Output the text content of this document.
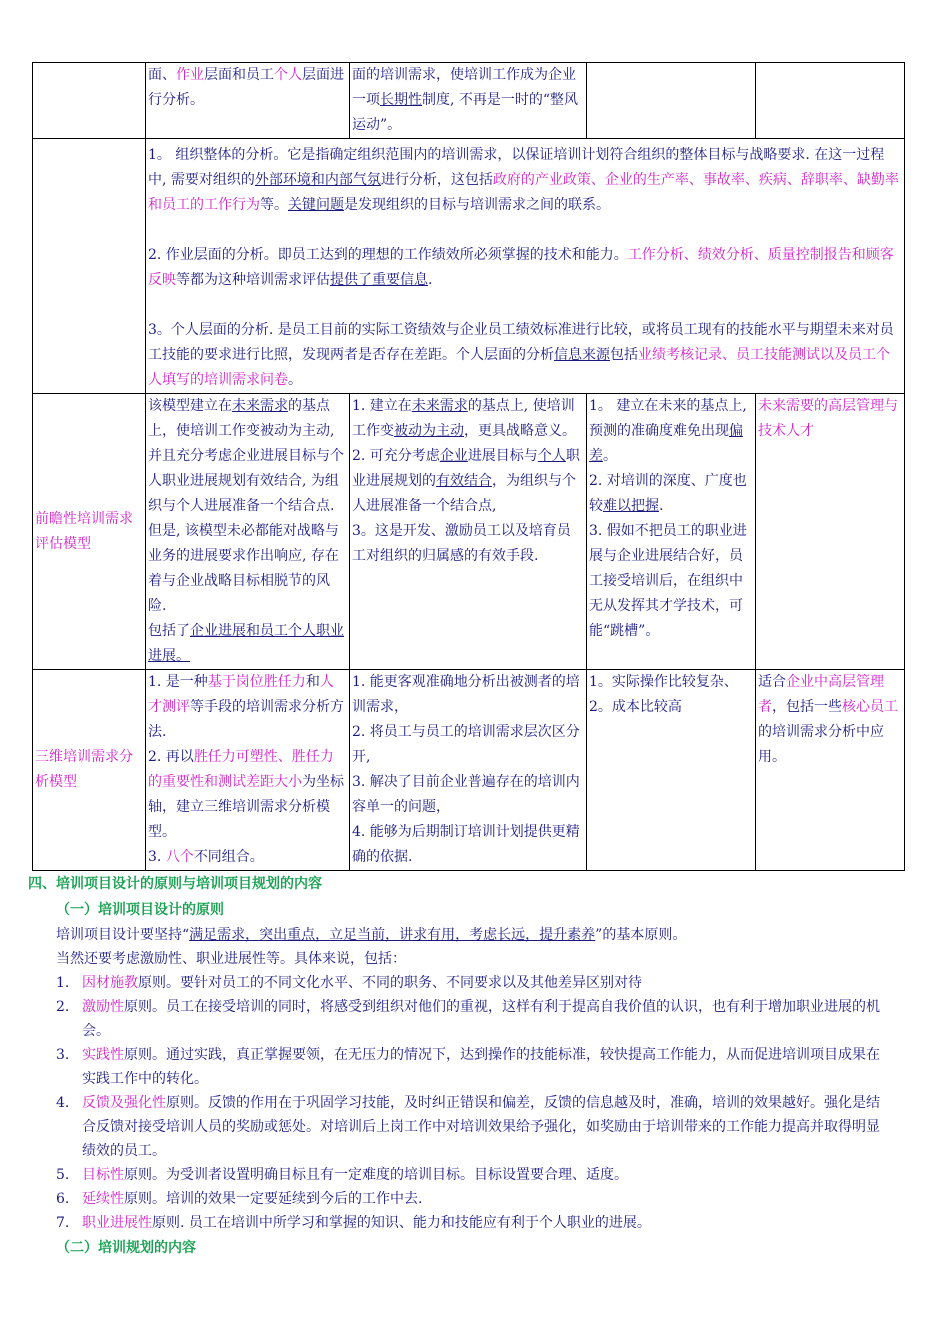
	面、作业层面和员工个人层面进行分析。	面的培训需求，使培训工作成为企业一项长期性制度, 不再是一时的“整风运动”。		

	1。 组织整体的分析。它是指确定组织范围内的培训需求，以保证培训计划符合组织的整体目标与战略要求. 在这一过程中, 需要对组织的外部环境和内部气氛进行分析，这包括政府的产业政策、企业的生产率、事故率、疾病、辞职率、缺勤率和员工的工作行为等。关键问题是发现组织的目标与培训需求之间的联系。
2. 作业层面的分析。即员工达到的理想的工作绩效所必须掌握的技术和能力。工作分析、绩效分析、质量控制报告和顾客反映等都为这种培训需求评估提供了重要信息.
3。个人层面的分析. 是员工目前的实际工资绩效与企业员工绩效标准进行比较，或将员工现有的技能水平与期望未来对员工技能的要求进行比照，发现两者是否存在差距。个人层面的分析信息来源包括业绩考核记录、员工技能测试以及员工个人填写的培训需求问卷。			

前瞻性培训需求评估模型	该模型建立在未来需求的基点上，使培训工作变被动为主动, 并且充分考虑企业进展目标与个人职业进展规划有效结合, 为组织与个人进展准备一个结合点. 但是, 该模型未必都能对战略与业务的进展要求作出响应, 存在着与企业战略目标相脱节的风险.
包括了企业进展和员工个人职业进展。	1. 建立在未来需求的基点上, 使培训工作变被动为主动，更具战略意义。
2. 可充分考虑企业进展目标与个人职业进展规划的有效结合，为组织与个人进展准备一个结合点,
3。这是开发、激励员工以及培育员工对组织的归属感的有效手段.	1。 建立在未来的基点上, 预测的准确度难免出现偏差。
2. 对培训的深度、广度也较难以把握.
3. 假如不把员工的职业进展与企业进展结合好，员工接受培训后，在组织中无从发挥其才学技术，可能“跳槽”。	未来需要的高层管理与技术人才
三维培训需求分析模型	1. 是一种基于岗位胜任力和人才测评等手段的培训需求分析方法.
2. 再以胜任力可塑性、胜任力的重要性和测试差距大小为坐标轴，建立三维培训需求分析模型。
3. 八个不同组合。	1. 能更客观准确地分析出被测者的培训需求，
2. 将员工与员工的培训需求层次区分开,
3. 解决了目前企业普遍存在的培训内容单一的问题，
4. 能够为后期制订培训计划提供更精确的依据.	1。实际操作比较复杂、
2。成本比较高	适合企业中高层管理者，包括一些核心员工的培训需求分析中应用。
四、培训项目设计的原则与培训项目规划的内容
（一）培训项目设计的原则

培训项目设计要坚持“满足需求，突出重点，立足当前，讲求有用，考虑长远，提升素养”的基本原则。

当然还要考虑激励性、职业进展性等。具体来说，包括：

1. 因材施教原则。要针对员工的不同文化水平、不同的职务、不同要求以及其他差异区别对待

2. 激励性原则。员工在接受培训的同时，将感受到组织对他们的重视，这样有利于提高自我价值的认识，也有利于增加职业进展的机会。

3. 实践性原则。通过实践，真正掌握要领，在无压力的情况下，达到操作的技能标准，较快提高工作能力，从而促进培训项目成果在实践工作中的转化。

4. 反馈及强化性原则。反馈的作用在于巩固学习技能，及时纠正错误和偏差，反馈的信息越及时，准确，培训的效果越好。强化是结合反馈对接受培训人员的奖励或惩处。对培训后上岗工作中对培训效果给予强化，如奖励由于培训带来的工作能力提高并取得明显绩效的员工。

5. 目标性原则。为受训者设置明确目标且有一定难度的培训目标。目标设置要合理、适度。

6. 延续性原则。培训的效果一定要延续到今后的工作中去.

7. 职业进展性原则. 员工在培训中所学习和掌握的知识、能力和技能应有利于个人职业的进展。

（二）培训规划的内容
